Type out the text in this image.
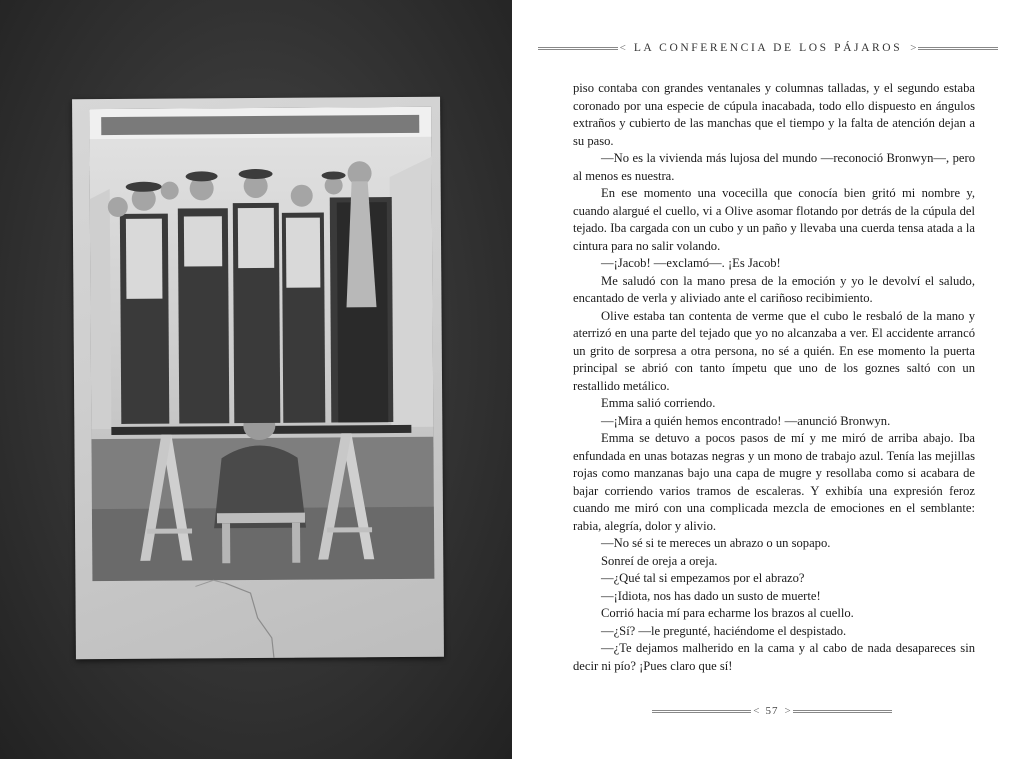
< LA CONFERENCIA DE LOS PÁJAROS >

piso contaba con grandes ventanales y columnas talladas, y el segundo estaba coronado por una especie de cúpula inacabada, todo ello dispuesto en ángulos extraños y cubierto de las manchas que el tiempo y la falta de atención dejan a su paso.

—No es la vivienda más lujosa del mundo —reconoció Bronwyn—, pero al menos es nuestra.

En ese momento una vocecilla que conocía bien gritó mi nombre y, cuando alargué el cuello, vi a Olive asomar flotando por detrás de la cúpula del tejado. Iba cargada con un cubo y un paño y llevaba una cuerda tensa atada a la cintura para no salir volando.

—¡Jacob! —exclamó—. ¡Es Jacob!

Me saludó con la mano presa de la emoción y yo le devolví el saludo, encantado de verla y aliviado ante el cariñoso recibimiento.

Olive estaba tan contenta de verme que el cubo le resbaló de la mano y aterrizó en una parte del tejado que yo no alcanzaba a ver. El accidente arrancó un grito de sorpresa a otra persona, no sé a quién. En ese momento la puerta principal se abrió con tanto ímpetu que uno de los goznes saltó con un restallido metálico.

Emma salió corriendo.

—¡Mira a quién hemos encontrado! —anunció Bronwyn.

Emma se detuvo a pocos pasos de mí y me miró de arriba abajo. Iba enfundada en unas botazas negras y un mono de trabajo azul. Tenía las mejillas rojas como manzanas bajo una capa de mugre y resollaba como si acabara de bajar corriendo varios tramos de escaleras. Y exhibía una expresión feroz cuando me miró con una complicada mezcla de emociones en el semblante: rabia, alegría, dolor y alivio.

—No sé si te mereces un abrazo o un sopapo.

Sonreí de oreja a oreja.

—¿Qué tal si empezamos por el abrazo?

—¡Idiota, nos has dado un susto de muerte!

Corrió hacia mí para echarme los brazos al cuello.

—¿Sí? —le pregunté, haciéndome el despistado.

—¿Te dejamos malherido en la cama y al cabo de nada desapareces sin decir ni pío? ¡Pues claro que sí!

< 57 >
